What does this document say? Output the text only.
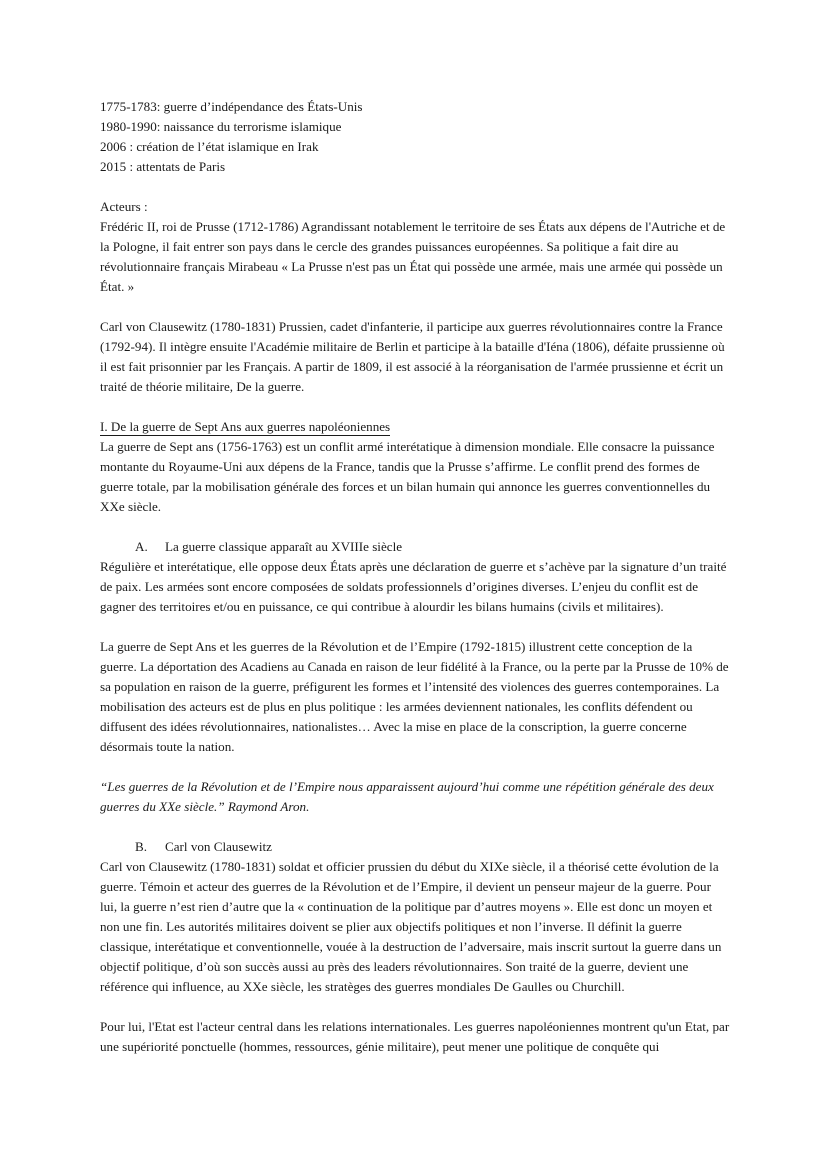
1775-1783: guerre d’indépendance des États-Unis

1980-1990: naissance du terrorisme islamique

2006 : création de l’état islamique en Irak

2015 : attentats de Paris

Acteurs :

Frédéric II, roi de Prusse (1712-1786) Agrandissant notablement le territoire de ses États aux dépens de l'Autriche et de la Pologne, il fait entrer son pays dans le cercle des grandes puissances européennes. Sa politique a fait dire au révolutionnaire français Mirabeau « La Prusse n'est pas un État qui possède une armée, mais une armée qui possède un État. »

Carl von Clausewitz (1780-1831) Prussien, cadet d'infanterie, il participe aux guerres révolutionnaires contre la France (1792-94). Il intègre ensuite l'Académie militaire de Berlin et participe à la bataille d'Iéna (1806), défaite prussienne où il est fait prisonnier par les Français. A partir de 1809, il est associé à la réorganisation de l'armée prussienne et écrit un traité de théorie militaire, De la guerre.

I. De la guerre de Sept Ans aux guerres napoléoniennes

La guerre de Sept ans (1756-1763) est un conflit armé interétatique à dimension mondiale. Elle consacre la puissance montante du Royaume-Uni aux dépens de la France, tandis que la Prusse s’affirme. Le conflit prend des formes de guerre totale, par la mobilisation générale des forces et un bilan humain qui annonce les guerres conventionnelles du XXe siècle.

A. La guerre classique apparaît au XVIIIe siècle

Régulière et interétatique, elle oppose deux États après une déclaration de guerre et s’achève par la signature d’un traité de paix. Les armées sont encore composées de soldats professionnels d’origines diverses. L’enjeu du conflit est de gagner des territoires et/ou en puissance, ce qui contribue à alourdir les bilans humains (civils et militaires).

La guerre de Sept Ans et les guerres de la Révolution et de l’Empire (1792-1815) illustrent cette conception de la guerre. La déportation des Acadiens au Canada en raison de leur fidélité à la France, ou la perte par la Prusse de 10% de sa population en raison de la guerre, préfigurent les formes et l’intensité des violences des guerres contemporaines. La mobilisation des acteurs est de plus en plus politique : les armées deviennent nationales, les conflits défendent ou diffusent des idées révolutionnaires, nationalistes… Avec la mise en place de la conscription, la guerre concerne désormais toute la nation.

“Les guerres de la Révolution et de l’Empire nous apparaissent aujourd’hui comme une répétition générale des deux guerres du XXe siècle.” Raymond Aron.

B. Carl von Clausewitz

Carl von Clausewitz (1780-1831) soldat et officier prussien du début du XIXe siècle, il a théorisé cette évolution de la guerre. Témoin et acteur des guerres de la Révolution et de l’Empire, il devient un penseur majeur de la guerre. Pour lui, la guerre n’est rien d’autre que la « continuation de la politique par d’autres moyens ». Elle est donc un moyen et non une fin. Les autorités militaires doivent se plier aux objectifs politiques et non l’inverse. Il définit la guerre classique, interétatique et conventionnelle, vouée à la destruction de l’adversaire, mais inscrit surtout la guerre dans un objectif politique, d’où son succès aussi au près des leaders révolutionnaires. Son traité de la guerre, devient une référence qui influence, au XXe siècle, les stratèges des guerres mondiales De Gaulles ou Churchill.

Pour lui, l'Etat est l'acteur central dans les relations internationales. Les guerres napoléoniennes montrent qu'un Etat, par une supériorité ponctuelle (hommes, ressources, génie militaire), peut mener une politique de conquête qui
